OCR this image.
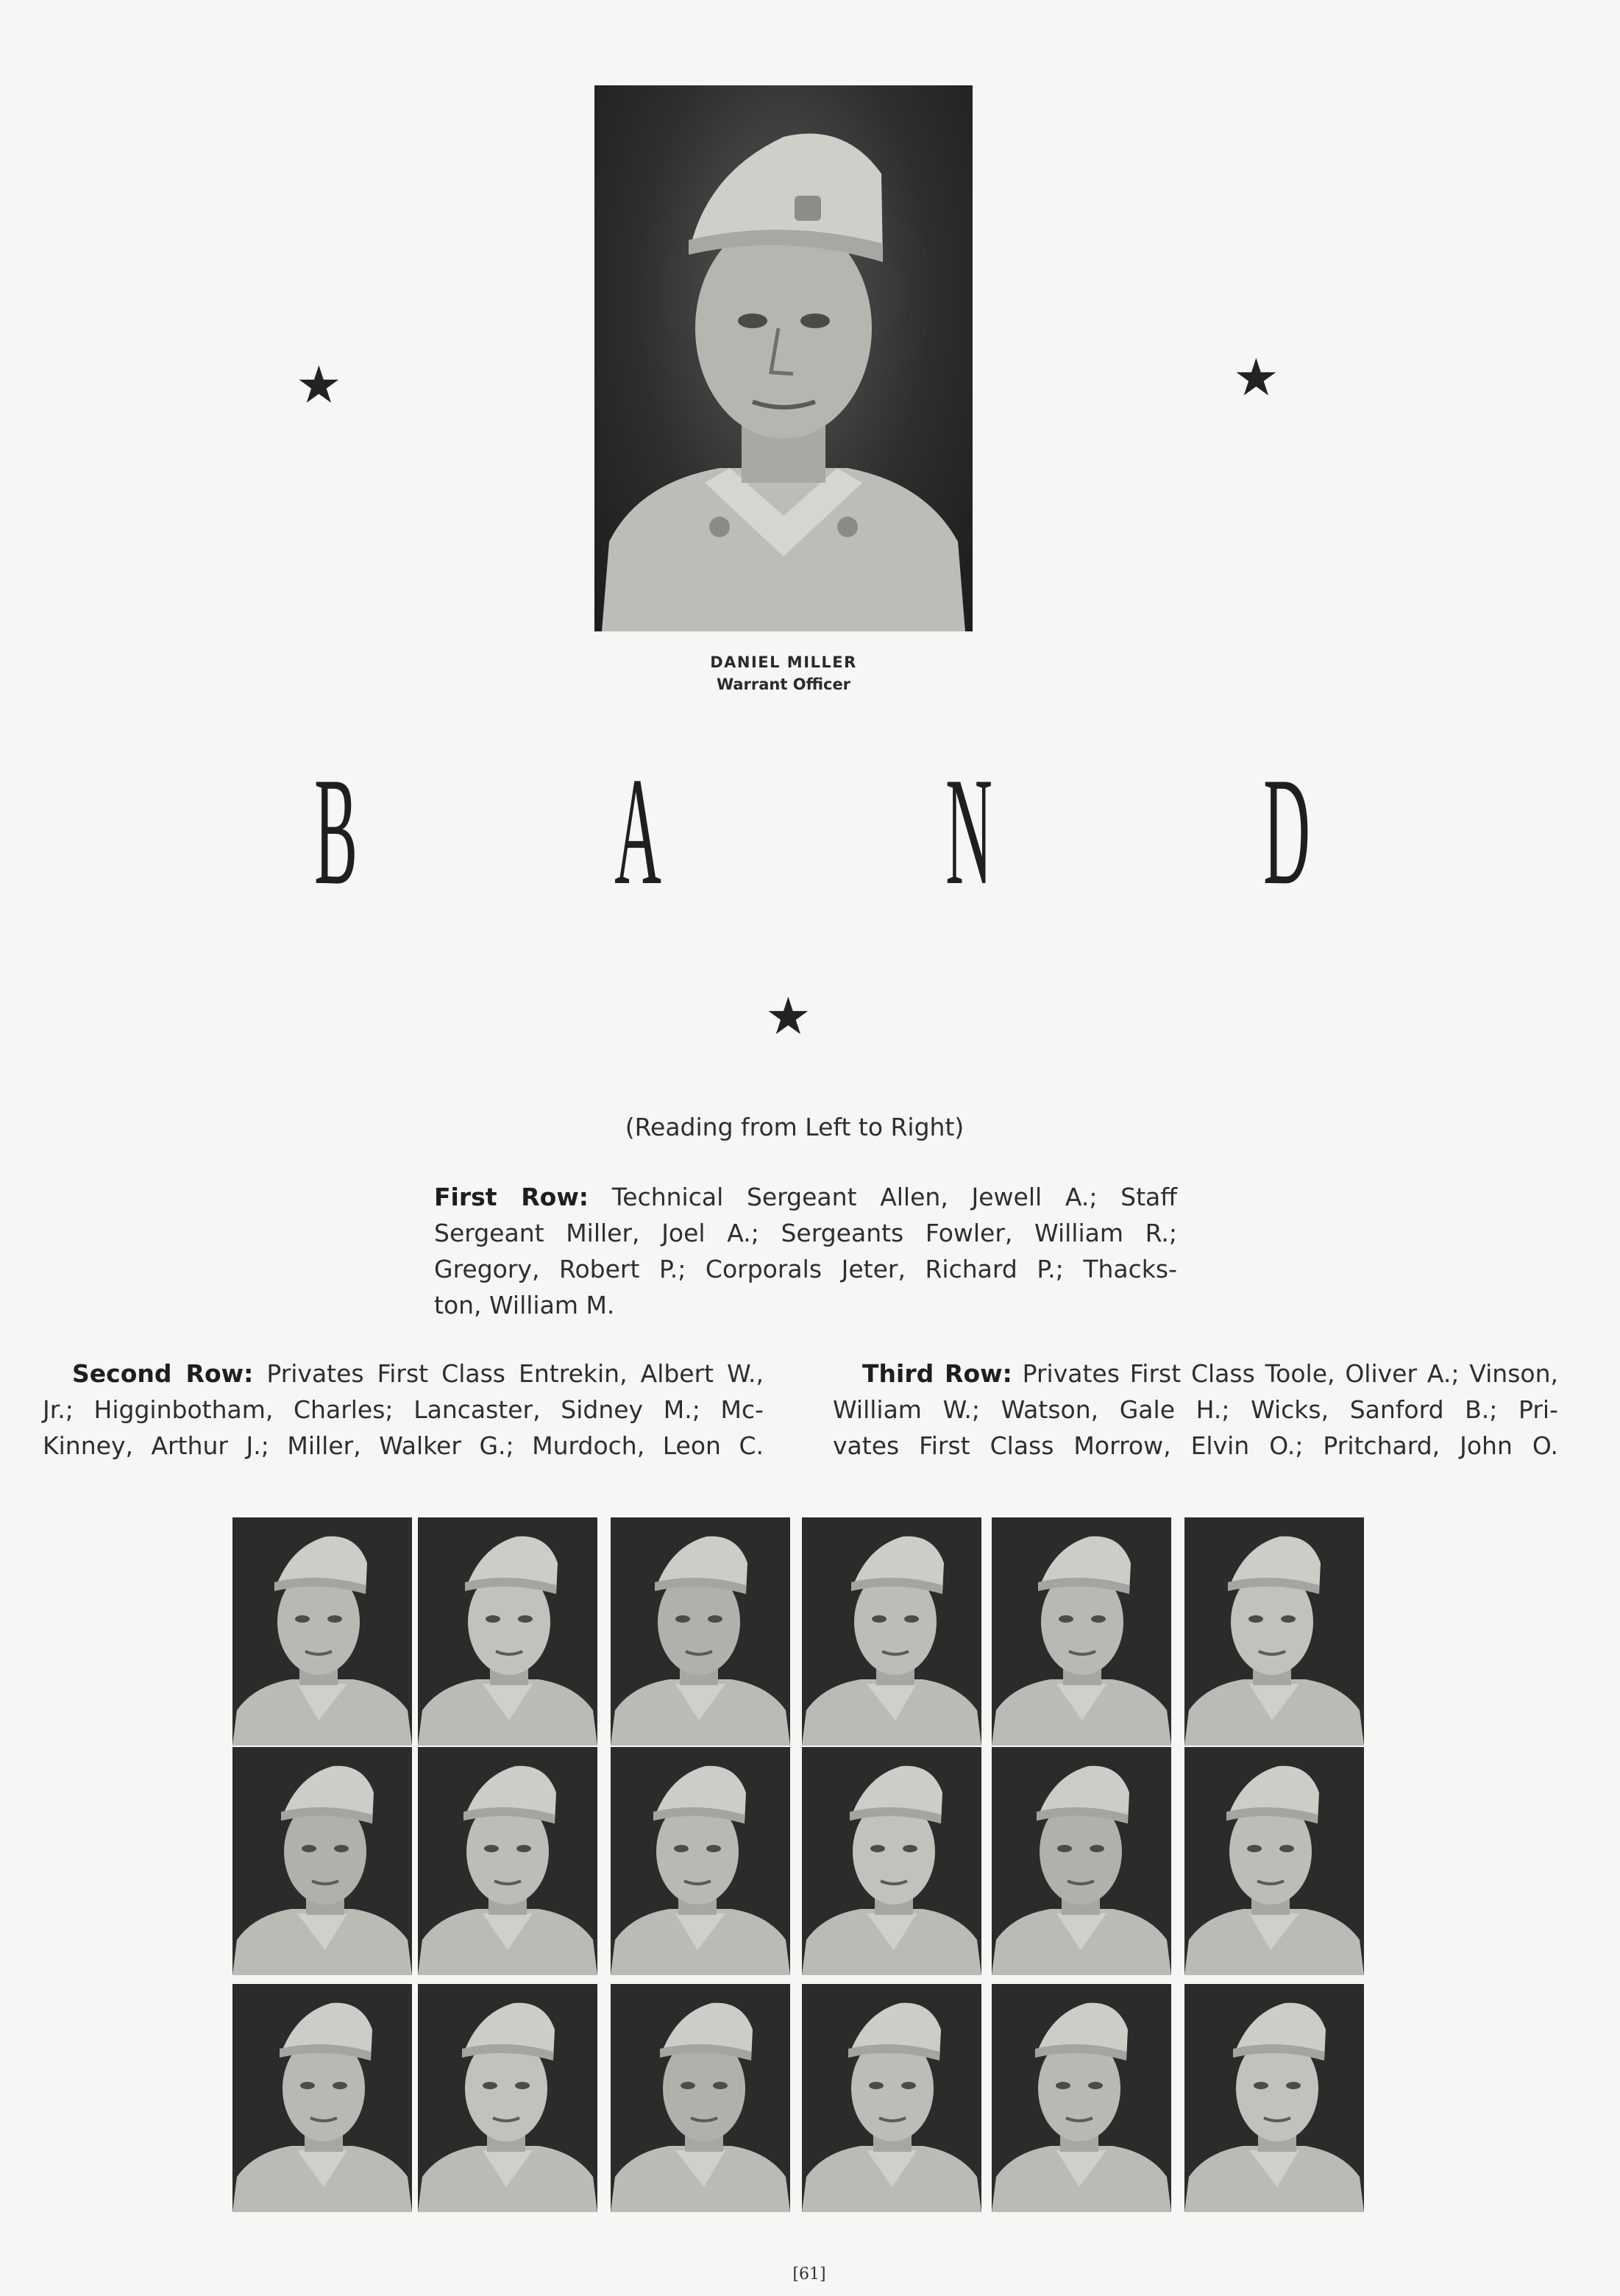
DANIEL MILLER
Warrant Officer
★	★
B A N D
★
(Reading from Left to Right)
First Row: Technical Sergeant Allen, Jewell A.; Staff
Sergeant Miller, Joel A.; Sergeants Fowler, William R.;
Gregory, Robert P.; Corporals Jeter, Richard P.; Thacks-
ton, William M.
Second Row: Privates First Class Entrekin, Albert W.,
Jr.; Higginbotham, Charles; Lancaster, Sidney M.; Mc-
Kinney, Arthur J.; Miller, Walker G.; Murdoch, Leon C.
Third Row: Privates First Class Toole, Oliver A.; Vinson,
William W.; Watson, Gale H.; Wicks, Sanford B.; Pri-
vates First Class Morrow, Elvin O.; Pritchard, John O.
[61]
